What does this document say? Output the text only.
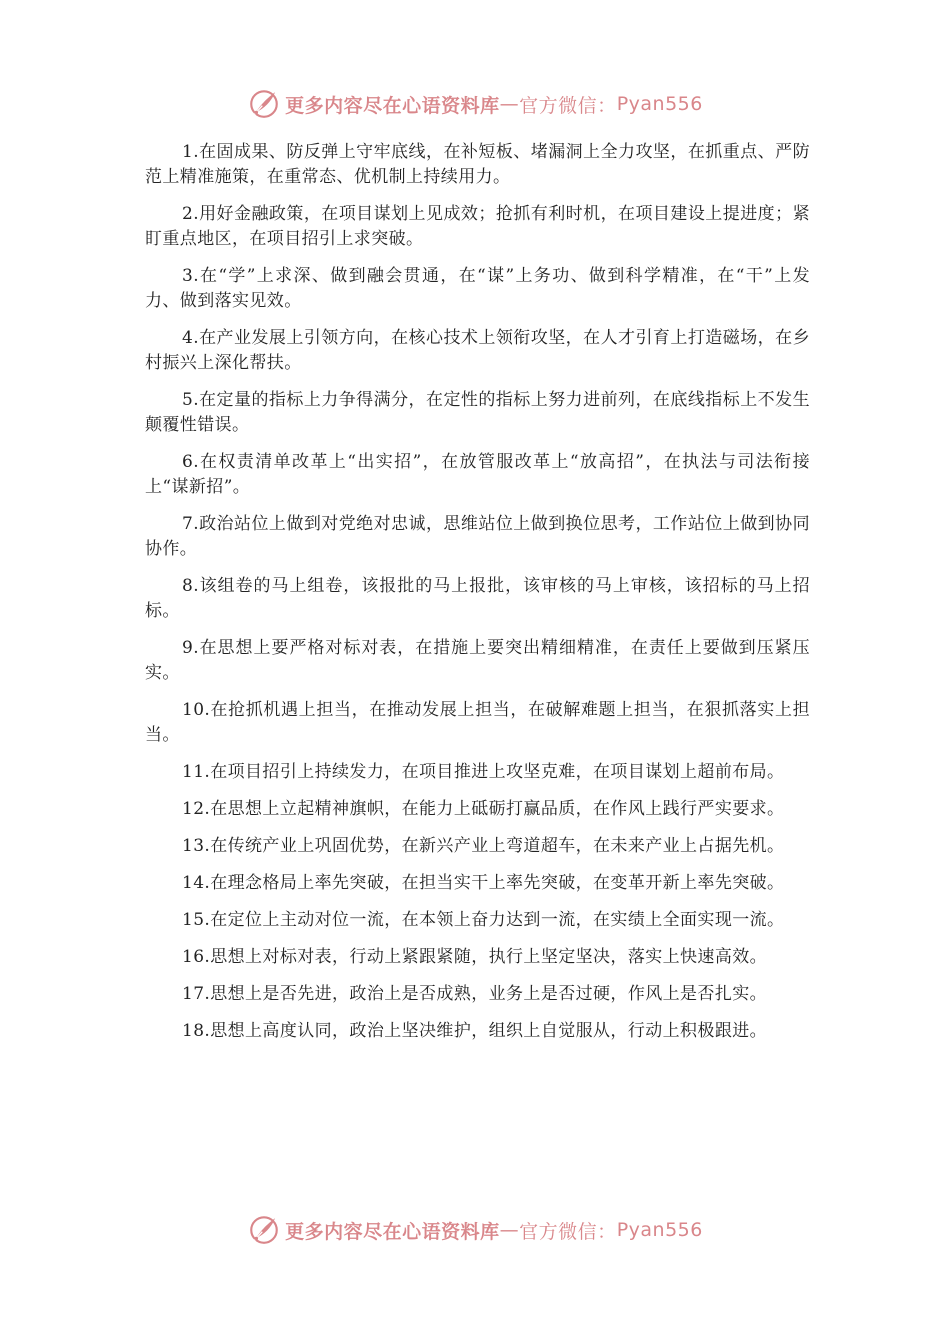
更多内容尽在心语资料库 — 官方微信： Pyan556

1.在固成果、防反弹上守牢底线，在补短板、堵漏洞上全力攻坚，在抓重点、严防范上精准施策，在重常态、优机制上持续用力。

2.用好金融政策，在项目谋划上见成效；抢抓有利时机，在项目建设上提进度；紧盯重点地区，在项目招引上求突破。

3.在“学”上求深、做到融会贯通，在“谋”上务功、做到科学精准，在“干”上发力、做到落实见效。

4.在产业发展上引领方向，在核心技术上领衔攻坚，在人才引育上打造磁场，在乡村振兴上深化帮扶。

5.在定量的指标上力争得满分，在定性的指标上努力进前列，在底线指标上不发生颠覆性错误。

6.在权责清单改革上“出实招”，在放管服改革上“放高招”，在执法与司法衔接上“谋新招”。

7.政治站位上做到对党绝对忠诚，思维站位上做到换位思考，工作站位上做到协同协作。

8.该组卷的马上组卷，该报批的马上报批，该审核的马上审核，该招标的马上招标。

9.在思想上要严格对标对表，在措施上要突出精细精准，在责任上要做到压紧压实。

10.在抢抓机遇上担当，在推动发展上担当，在破解难题上担当，在狠抓落实上担当。

11.在项目招引上持续发力，在项目推进上攻坚克难，在项目谋划上超前布局。

12.在思想上立起精神旗帜，在能力上砥砺打赢品质，在作风上践行严实要求。

13.在传统产业上巩固优势，在新兴产业上弯道超车，在未来产业上占据先机。

14.在理念格局上率先突破，在担当实干上率先突破，在变革开新上率先突破。

15.在定位上主动对位一流，在本领上奋力达到一流，在实绩上全面实现一流。

16.思想上对标对表，行动上紧跟紧随，执行上坚定坚决，落实上快速高效。

17.思想上是否先进，政治上是否成熟，业务上是否过硬，作风上是否扎实。

18.思想上高度认同，政治上坚决维护，组织上自觉服从，行动上积极跟进。

更多内容尽在心语资料库 — 官方微信： Pyan556
